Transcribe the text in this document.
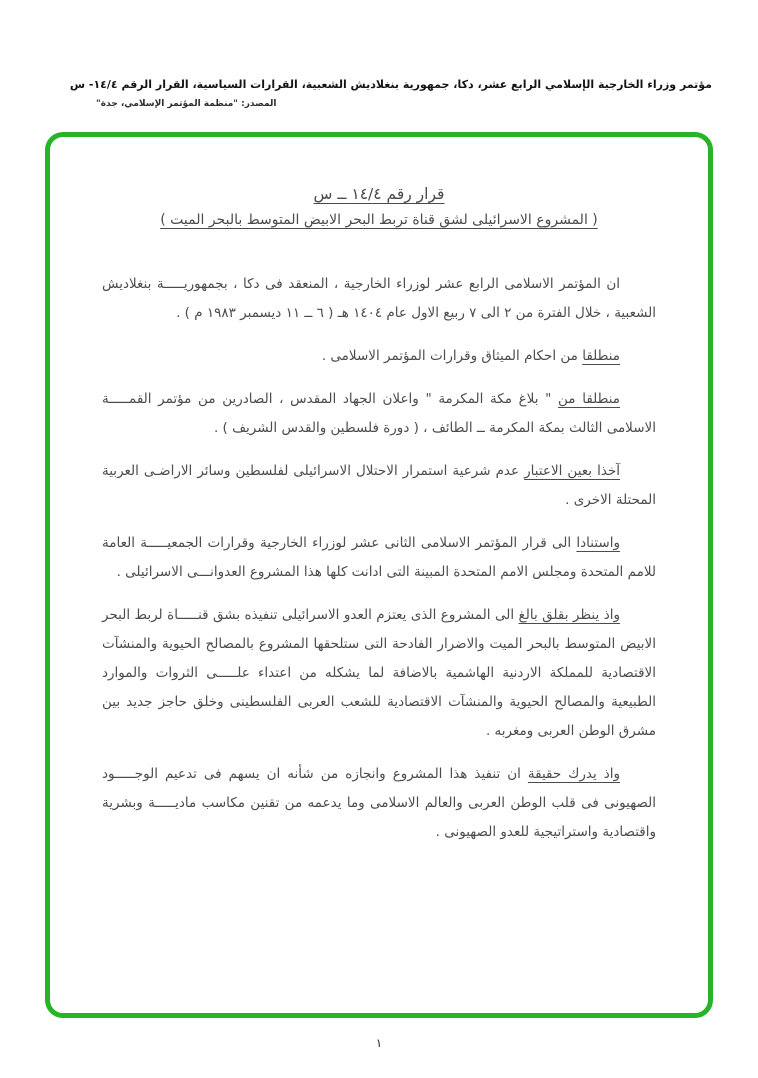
مؤتمر وزراء الخارجية الإسلامي الرابع عشر، دكا، جمهورية بنغلاديش الشعبية، القرارات السياسية، القرار الرقم ١٤/٤- س
المصدر: "منظمة المؤتمر الإسلامي، جدة"
قرار رقم ١٤/٤ ــ س
( المشروع الاسرائيلى لشق قناة تربط البحر الابيض المتوسط بالبحر الميت )

ان المؤتمر الاسلامى الرابع عشر لوزراء الخارجية ، المنعقد فى دكا ، بجمهوريـــــة بنغلاديش الشعبية ، خلال الفترة من ٢ الى ٧ ربيع الاول عام ١٤٠٤ هـ ( ٦ ــ ١١ ديسمبر ١٩٨٣ م ) .

منطلقا من احكام الميثاق وقرارات المؤتمر الاسلامى .

منطلقا من " بلاغ مكة المكرمة " واعلان الجهاد المقدس ، الصادرين من مؤتمر القمـــــة الاسلامى الثالث بمكة المكرمة ــ الطائف ، ( دورة فلسطين والقدس الشريف ) .

آخذا بعين الاعتبار عدم شرعية استمرار الاحتلال الاسرائيلى لفلسطين وسائر الاراضـى العربية المحتلة الاخرى .

واستنادا الى قرار المؤتمر الاسلامى الثانى عشر لوزراء الخارجية وقرارات الجمعيـــــة العامة للامم المتحدة ومجلس الامم المتحدة المبينة التى ادانت كلها هذا المشروع العدوانـــى الاسرائيلى .

واذ ينظر بقلق بالغ الى المشروع الذى يعتزم العدو الاسرائيلى تنفيذه بشق قنـــــاة لربط البحر الابيض المتوسط بالبحر الميت والاضرار الفادحة التى ستلحقها المشروع بالمصالح الحيوية والمنشآت الاقتصادية للمملكة الاردنية الهاشمية بالاضافة لما يشكله من اعتداء علـــــى الثروات والموارد الطبيعية والمصالح الحيوية والمنشآت الاقتصادية للشعب العربى الفلسطينى وخلق حاجز جديد بين مشرق الوطن العربى ومغربه .

واذ يدرك حقيقة ان تنفيذ هذا المشروع وانجازه من شأنه ان يسهم فى تدعيم الوجـــــود الصهيونى فى قلب الوطن العربى والعالم الاسلامى وما يدعمه من تقنين مكاسب ماديـــــة وبشرية واقتصادية واستراتيجية للعدو الصهيونى .

١
